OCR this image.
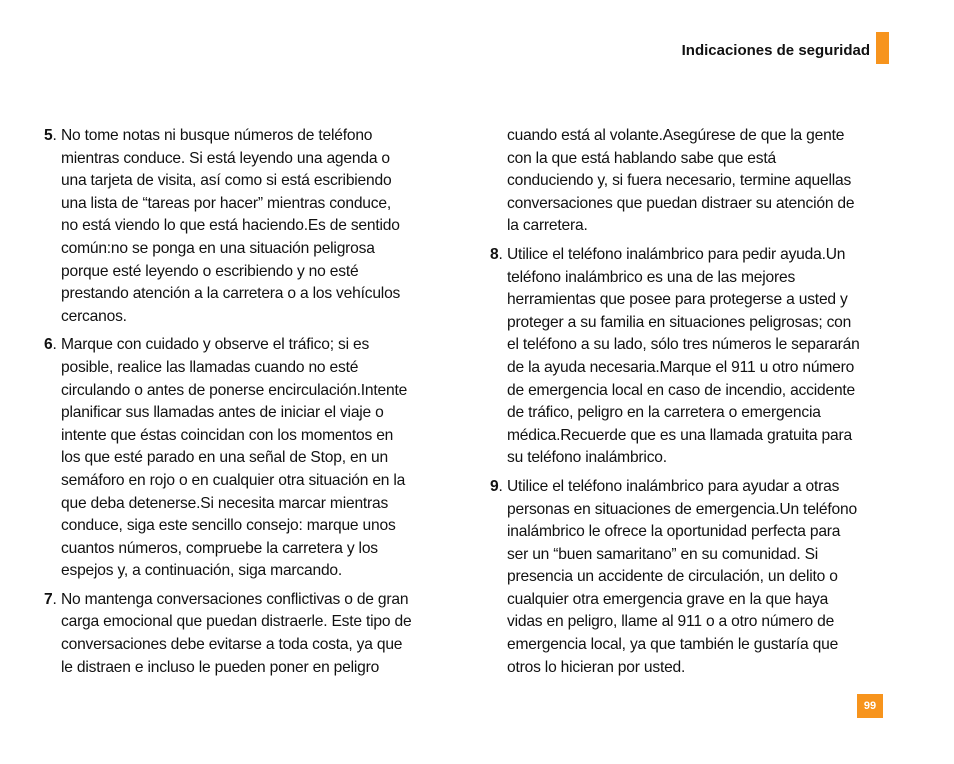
Indicaciones de seguridad
5. No tome notas ni busque números de teléfono
mientras conduce. Si está leyendo una agenda o
una tarjeta de visita, así como si está escribiendo
una lista de “tareas por hacer” mientras conduce,
no está viendo lo que está haciendo.Es de sentido
común:no se ponga en una situación peligrosa
porque esté leyendo o escribiendo y no esté
prestando atención a la carretera o a los vehículos
cercanos.
6. Marque con cuidado y observe el tráfico; si es
posible, realice las llamadas cuando no esté
circulando o antes de ponerse encirculación.Intente
planificar sus llamadas antes de iniciar el viaje o
intente que éstas coincidan con los momentos en
los que esté parado en una señal de Stop, en un
semáforo en rojo o en cualquier otra situación en la
que deba detenerse.Si necesita marcar mientras
conduce, siga este sencillo consejo: marque unos
cuantos números, compruebe la carretera y los
espejos y, a continuación, siga marcando.
7. No mantenga conversaciones conflictivas o de gran
carga emocional que puedan distraerle. Este tipo de
conversaciones debe evitarse a toda costa, ya que
le distraen e incluso le pueden poner en peligro
cuando está al volante.Asegúrese de que la gente
con la que está hablando sabe que está
conduciendo y, si fuera necesario, termine aquellas
conversaciones que puedan distraer su atención de
la carretera.
8. Utilice el teléfono inalámbrico para pedir ayuda.Un
teléfono inalámbrico es una de las mejores
herramientas que posee para protegerse a usted y
proteger a su familia en situaciones peligrosas; con
el teléfono a su lado, sólo tres números le separarán
de la ayuda necesaria.Marque el 911 u otro número
de emergencia local en caso de incendio, accidente
de tráfico, peligro en la carretera o emergencia
médica.Recuerde que es una llamada gratuita para
su teléfono inalámbrico.
9. Utilice el teléfono inalámbrico para ayudar a otras
personas en situaciones de emergencia.Un teléfono
inalámbrico le ofrece la oportunidad perfecta para
ser un “buen samaritano” en su comunidad. Si
presencia un accidente de circulación, un delito o
cualquier otra emergencia grave en la que haya
vidas en peligro, llame al 911 o a otro número de
emergencia local, ya que también le gustaría que
otros lo hicieran por usted.
99
